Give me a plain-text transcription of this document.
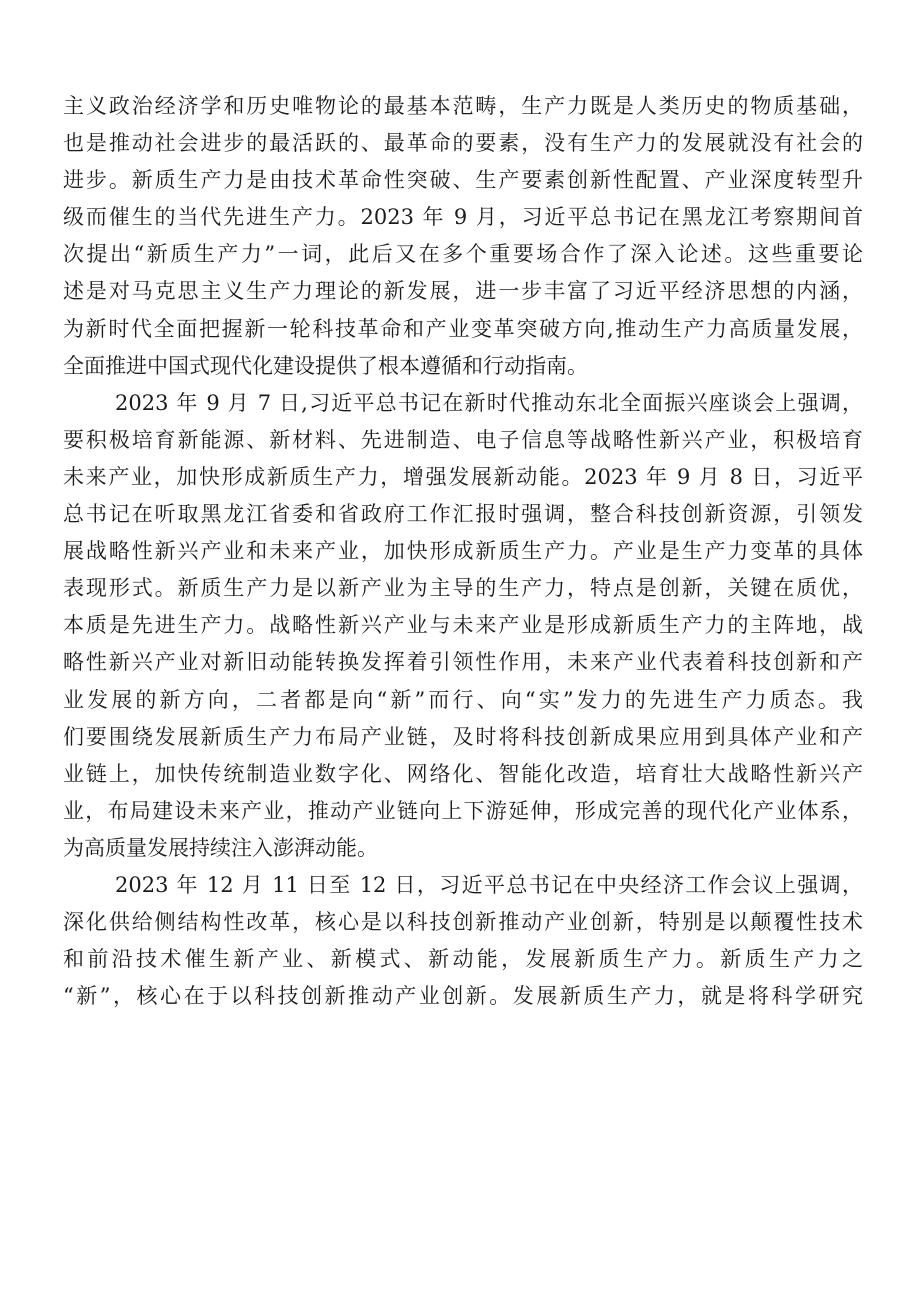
主义政治经济学和历史唯物论的最基本范畴，生产力既是人类历史的物质基础，
也是推动社会进步的最活跃的、最革命的要素，没有生产力的发展就没有社会的
进步。新质生产力是由技术革命性突破、生产要素创新性配置、产业深度转型升
级而催生的当代先进生产力。2023 年 9 月，习近平总书记在黑龙江考察期间首
次提出“新质生产力”一词，此后又在多个重要场合作了深入论述。这些重要论
述是对马克思主义生产力理论的新发展，进一步丰富了习近平经济思想的内涵，
为新时代全面把握新一轮科技革命和产业变革突破方向,推动生产力高质量发展，
全面推进中国式现代化建设提供了根本遵循和行动指南。
2023 年 9 月 7 日,习近平总书记在新时代推动东北全面振兴座谈会上强调，
要积极培育新能源、新材料、先进制造、电子信息等战略性新兴产业，积极培育
未来产业，加快形成新质生产力，增强发展新动能。2023 年 9 月 8 日，习近平
总书记在听取黑龙江省委和省政府工作汇报时强调，整合科技创新资源，引领发
展战略性新兴产业和未来产业，加快形成新质生产力。产业是生产力变革的具体
表现形式。新质生产力是以新产业为主导的生产力，特点是创新，关键在质优，
本质是先进生产力。战略性新兴产业与未来产业是形成新质生产力的主阵地，战
略性新兴产业对新旧动能转换发挥着引领性作用，未来产业代表着科技创新和产
业发展的新方向，二者都是向“新”而行、向“实”发力的先进生产力质态。我
们要围绕发展新质生产力布局产业链，及时将科技创新成果应用到具体产业和产
业链上，加快传统制造业数字化、网络化、智能化改造，培育壮大战略性新兴产
业，布局建设未来产业，推动产业链向上下游延伸，形成完善的现代化产业体系，
为高质量发展持续注入澎湃动能。
2023 年 12 月 11 日至 12 日，习近平总书记在中央经济工作会议上强调，
深化供给侧结构性改革，核心是以科技创新推动产业创新，特别是以颠覆性技术
和前沿技术催生新产业、新模式、新动能，发展新质生产力。新质生产力之
“新”，核心在于以科技创新推动产业创新。发展新质生产力，就是将科学研究
